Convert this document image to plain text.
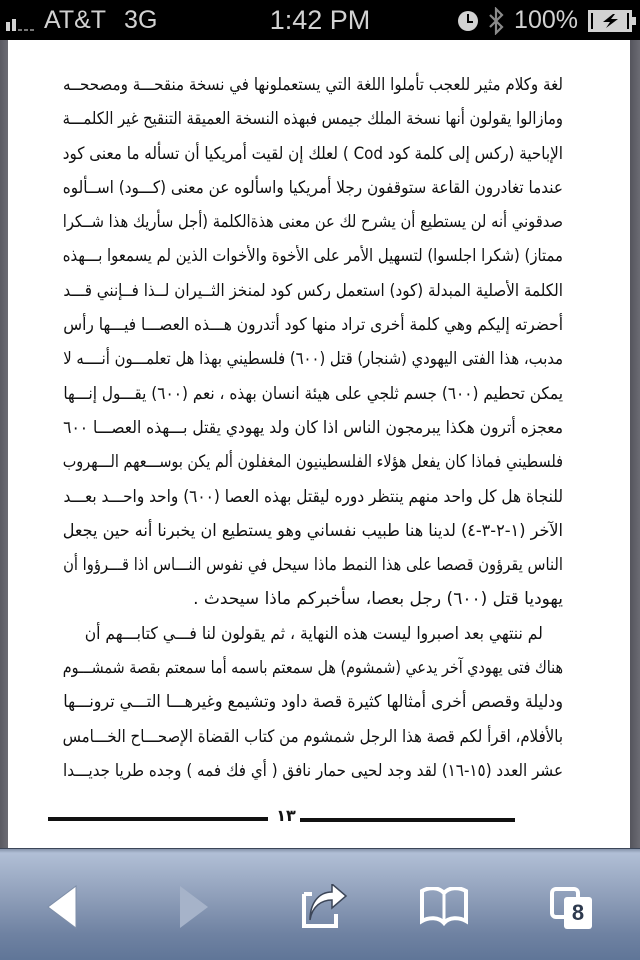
AT&T 3G	1:42 PM	100%
لغة وكلام مثير للعجب تأملوا اللغة التي يستعملونها في نسخة منقحـــة ومصححــه
ومازالوا يقولون أنها نسخة الملك جيمس فبهذه النسخة العميقة التنقيح غير الكلمـــة
الإباحية (ركس إلى كلمة كود Cod ) لعلك إن لقيت أمريكيا أن تسأله ما معنى كود
عندما تغادرون القاعة ستوقفون رجلا أمريكيا واسألوه عن معنى (كـــود) اســألوه
صدقوني أنه لن يستطيع أن يشرح لك عن معنى هذةالكلمة (أجل سأريك هذا شــكرا
ممتاز) (شكرا اجلسوا) لتسهيل الأمر على الأخوة والأخوات الذين لم يسمعوا بـــهذه
الكلمة الأصلية المبدلة (كود) استعمل ركس كود لمنخز الثــيران لــذا فــإنني قـــد
أحضرته إليكم وهي كلمة أخرى تراد منها كود أتدرون هـــذه العصـــا فيـــها رأس
مدبب، هذا الفتى اليهودي (شنجار) قتل (٦٠٠) فلسطيني بهذا هل تعلمـــون أنــــه لا
يمكن تحطيم (٦٠٠) جسم ثلجي على هيئة انسان بهذه ، نعم (٦٠٠) يقـــول إنـــها
معجزه أترون هكذا يبرمجون الناس اذا كان ولد يهودي يقتل بـــهذه العصـــا ٦٠٠
فلسطيني فماذا كان يفعل هؤلاء الفلسطينيون المغفلون ألم يكن بوســـعهم الـــهروب
للنجاة هل كل واحد منهم ينتظر دوره ليقتل بهذه العصا (٦٠٠) واحد واحـــد بعـــد
الآخر (١-٢-٣-٤) لدينا هنا طبيب نفساني وهو يستطيع ان يخبرنا أنه حين يجعل
الناس يقرؤون قصصا على هذا النمط ماذا سيحل في نفوس النـــاس اذا قـــرؤوا أن
يهوديا قتل (٦٠٠) رجل بعصا، سأخبركم ماذا سيحدث .
لم ننتهي بعد اصبروا ليست هذه النهاية ، ثم يقولون لنا فـــي كتابـــهم أن
هناك فتى يهودي آخر يدعي (شمشوم) هل سمعتم باسمه أما سمعتم بقصة شمشـــوم
ودليلة وقصص أخرى أمثالها كثيرة قصة داود وتشيمع وغيرهـــا التـــي ترونـــها
بالأفلام، اقرأ لكم قصة هذا الرجل شمشوم من كتاب القضاة الإصحـــاح الخـــامس
عشر العدد (١٥-١٦) لقد وجد لحيى حمار نافق ( أي فك فمه ) وجده طريا جديـــدا
١٣
8
